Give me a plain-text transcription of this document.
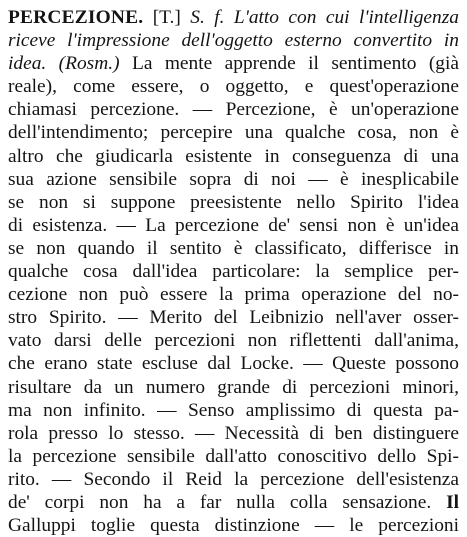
PERCEZIONE. [T.] S. f. L'atto con cui l'intelligenza
riceve l'impressione dell'oggetto esterno convertito in
idea. (Rosm.) La mente apprende il sentimento (già
reale), come essere, o oggetto, e quest'operazione
chiamasi percezione. — Percezione, è un'operazione
dell'intendimento; percepire una qualche cosa, non è
altro che giudicarla esistente in conseguenza di una
sua azione sensibile sopra di noi — è inesplicabile
se non si suppone preesistente nello Spirito l'idea
di esistenza. — La percezione de' sensi non è un'idea
se non quando il sentito è classificato, differisce in
qualche cosa dall'idea particolare: la semplice per-
cezione non può essere la prima operazione del no-
stro Spirito. — Merito del Leibnizio nell'aver osser-
vato darsi delle percezioni non riflettenti dall'anima,
che erano state escluse dal Locke. — Queste possono
risultare da un numero grande di percezioni minori,
ma non infinito. — Senso amplissimo di questa pa-
rola presso lo stesso. — Necessità di ben distinguere
la percezione sensibile dall'atto conoscitivo dello Spi-
rito. — Secondo il Reid la percezione dell'esistenza
de' corpi non ha a far nulla colla sensazione. Il
Galluppi toglie questa distinzione — le percezioni
